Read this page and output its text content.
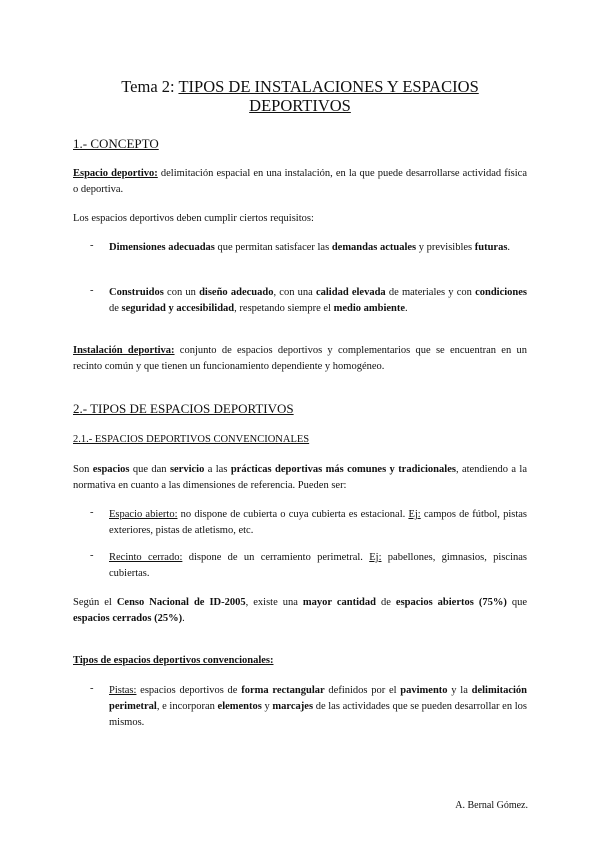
Tema 2: TIPOS DE INSTALACIONES Y ESPACIOS
DEPORTIVOS
1.- CONCEPTO
Espacio deportivo: delimitación espacial en una instalación, en la que puede desarrollarse actividad física o deportiva.
Los espacios deportivos deben cumplir ciertos requisitos:
- Dimensiones adecuadas que permitan satisfacer las demandas actuales y previsibles futuras.
- Construidos con un diseño adecuado, con una calidad elevada de materiales y con condiciones de seguridad y accesibilidad, respetando siempre el medio ambiente.
Instalación deportiva: conjunto de espacios deportivos y complementarios que se encuentran en un recinto común y que tienen un funcionamiento dependiente y homogéneo.
2.- TIPOS DE ESPACIOS DEPORTIVOS
2.1.- ESPACIOS DEPORTIVOS CONVENCIONALES
Son espacios que dan servicio a las prácticas deportivas más comunes y tradicionales, atendiendo a la normativa en cuanto a las dimensiones de referencia. Pueden ser:
- Espacio abierto: no dispone de cubierta o cuya cubierta es estacional. Ej: campos de fútbol, pistas exteriores, pistas de atletismo, etc.
- Recinto cerrado: dispone de un cerramiento perimetral. Ej: pabellones, gimnasios, piscinas cubiertas.
Según el Censo Nacional de ID-2005, existe una mayor cantidad de espacios abiertos (75%) que espacios cerrados (25%).
Tipos de espacios deportivos convencionales:
- Pistas: espacios deportivos de forma rectangular definidos por el pavimento y la delimitación perimetral, e incorporan elementos y marcajes de las actividades que se pueden desarrollar en los mismos.
A. Bernal Gómez.
